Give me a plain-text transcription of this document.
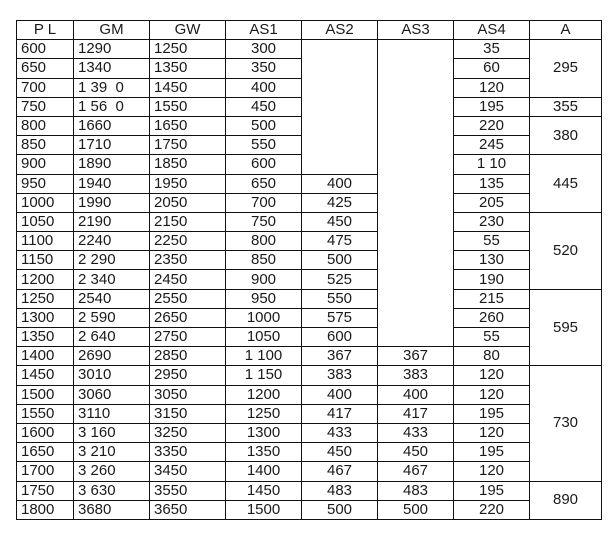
P L	GM	GW	AS1	AS2	AS3	AS4	A
600	1290	1250	300			35	295
650	1340	1350	350			60	
700	1 39  0	1450	400			120	
750	1 56  0	1550	450			195	355
800	1660	1650	500			220	380
850	1710	1750	550			245	
900	1890	1850	600			1 10	445
950	1940	1950	650	400		135	
1000	1990	2050	700	425		205	
1050	2190	2150	750	450		230	520
1100	2240	2250	800	475		55	
1150	2 290	2350	850	500		130	
1200	2 340	2450	900	525		190	
1250	2540	2550	950	550		215	595
1300	2 590	2650	1000	575		260	
1350	2 640	2750	1050	600		55	
1400	2690	2850	1 100	367	367	80	
1450	3010	2950	1 150	383	383	120	730
1500	3060	3050	1200	400	400	120	
1550	3110	3150	1250	417	417	195	
1600	3 160	3250	1300	433	433	120	
1650	3 210	3350	1350	450	450	195	
1700	3 260	3450	1400	467	467	120	
1750	3 630	3550	1450	483	483	195	890
1800	3680	3650	1500	500	500	220	
